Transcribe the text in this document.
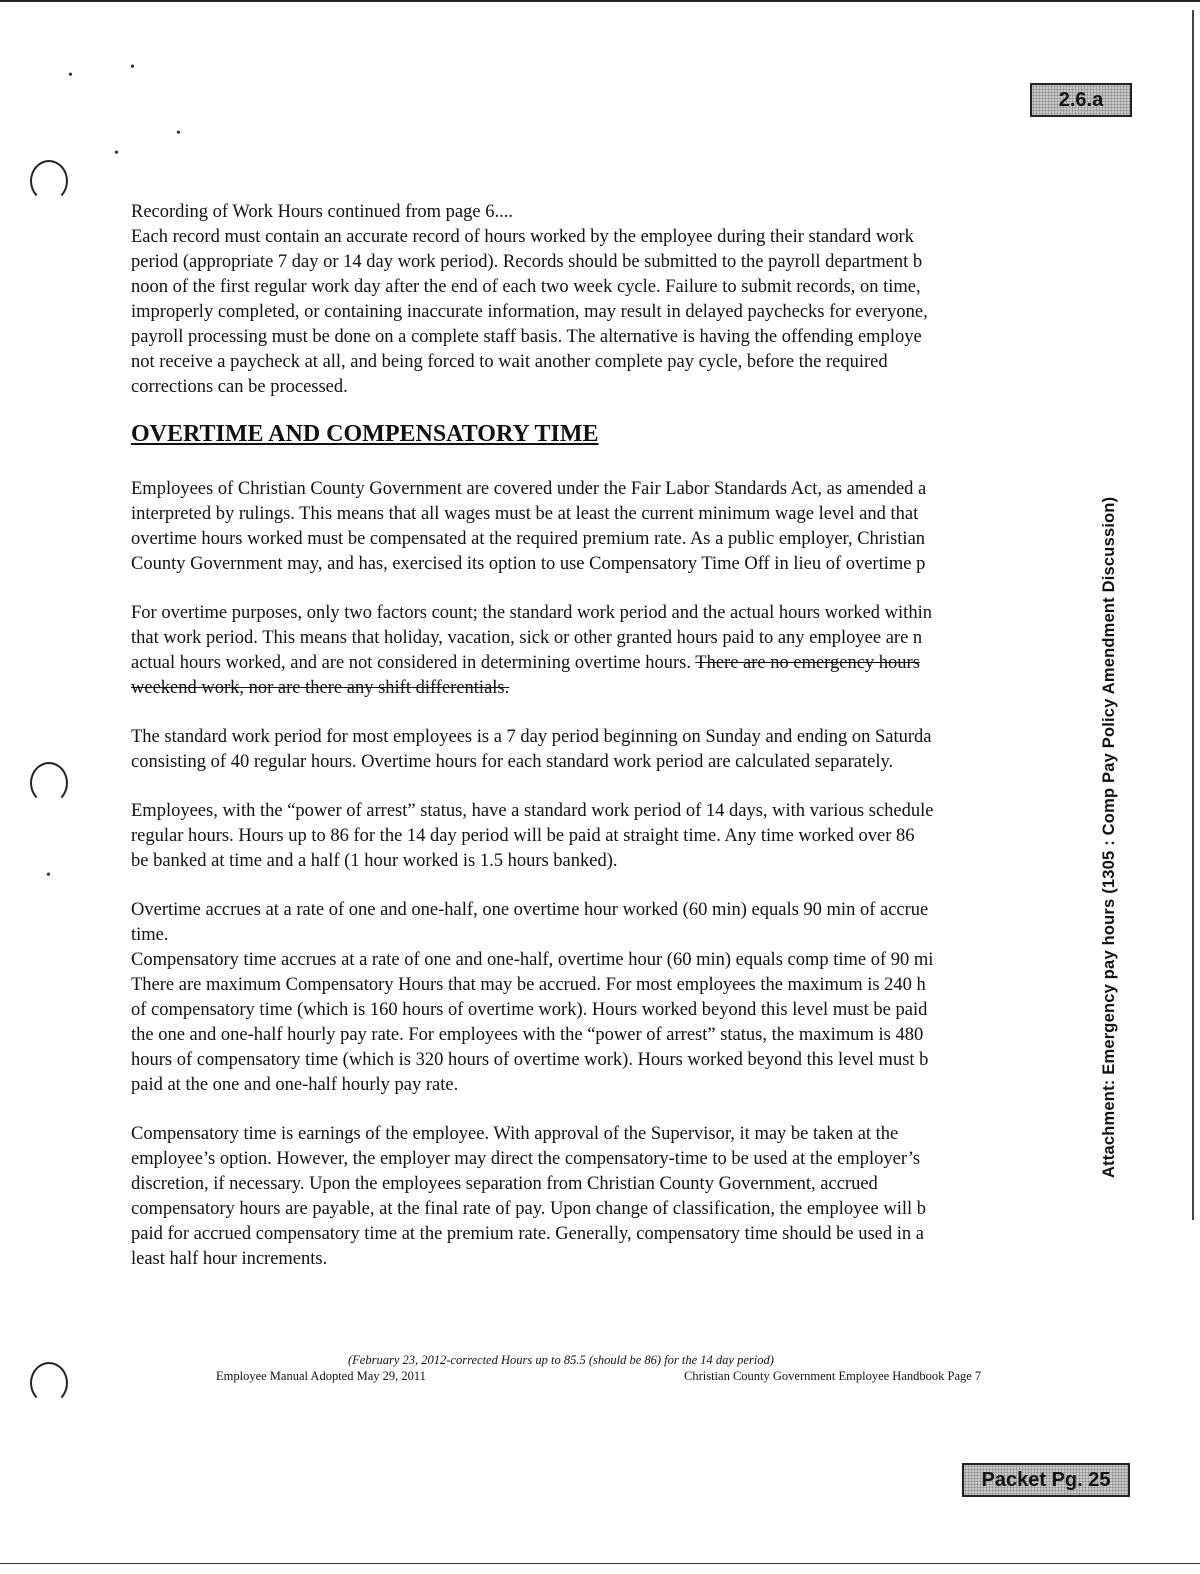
2.6.a
•
•
•
•
•	Attachment: Emergency pay hours (1305 : Comp Pay Policy Amendment Discussion)
Recording of Work Hours continued from page 6....
Each record must contain an accurate record of hours worked by the employee during their standard work
period (appropriate 7 day or 14 day work period). Records should be submitted to the payroll department b
noon of the first regular work day after the end of each two week cycle. Failure to submit records, on time,
improperly completed, or containing inaccurate information, may result in delayed paychecks for everyone,
payroll processing must be done on a complete staff basis. The alternative is having the offending employe
not receive a paycheck at all, and being forced to wait another complete pay cycle, before the required
corrections can be processed.
OVERTIME AND COMPENSATORY TIME
Employees of Christian County Government are covered under the Fair Labor Standards Act, as amended a
interpreted by rulings. This means that all wages must be at least the current minimum wage level and that
overtime hours worked must be compensated at the required premium rate. As a public employer, Christian
County Government may, and has, exercised its option to use Compensatory Time Off in lieu of overtime p
For overtime purposes, only two factors count; the standard work period and the actual hours worked within
that work period. This means that holiday, vacation, sick or other granted hours paid to any employee are n
actual hours worked, and are not considered in determining overtime hours. There are no emergency hours
weekend work, nor are there any shift differentials.
The standard work period for most employees is a 7 day period beginning on Sunday and ending on Saturda
consisting of 40 regular hours. Overtime hours for each standard work period are calculated separately.
Employees, with the “power of arrest” status, have a standard work period of 14 days, with various schedule
regular hours. Hours up to 86 for the 14 day period will be paid at straight time. Any time worked over 86
be banked at time and a half (1 hour worked is 1.5 hours banked).
Overtime accrues at a rate of one and one-half, one overtime hour worked (60 min) equals 90 min of accrue
time.
Compensatory time accrues at a rate of one and one-half, overtime hour (60 min) equals comp time of 90 mi
There are maximum Compensatory Hours that may be accrued. For most employees the maximum is 240 h
of compensatory time (which is 160 hours of overtime work). Hours worked beyond this level must be paid
the one and one-half hourly pay rate. For employees with the “power of arrest” status, the maximum is 480
hours of compensatory time (which is 320 hours of overtime work). Hours worked beyond this level must b
paid at the one and one-half hourly pay rate.
Compensatory time is earnings of the employee. With approval of the Supervisor, it may be taken at the
employee’s option. However, the employer may direct the compensatory-time to be used at the employer’s
discretion, if necessary. Upon the employees separation from Christian County Government, accrued
compensatory hours are payable, at the final rate of pay. Upon change of classification, the employee will b
paid for accrued compensatory time at the premium rate. Generally, compensatory time should be used in a
least half hour increments.
(February 23, 2012-corrected Hours up to 85.5 (should be 86) for the 14 day period)
Employee Manual Adopted May 29, 2011	Christian County Government Employee Handbook Page 7
Packet Pg. 25
